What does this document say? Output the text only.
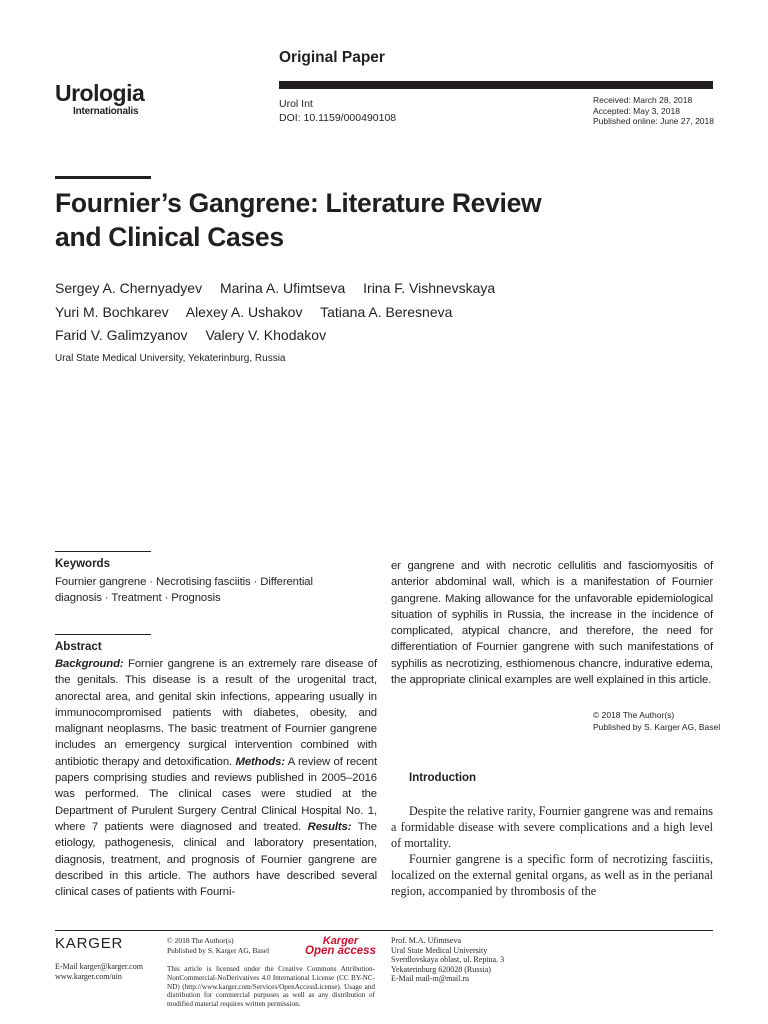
Original Paper
Urologia
Internationalis
Urol Int
DOI: 10.1159/000490108
Received: March 28, 2018
Accepted: May 3, 2018
Published online: June 27, 2018
Fournier’s Gangrene: Literature Review
and Clinical Cases
Sergey A. Chernyadyev Marina A. Ufimtseva Irina F. Vishnevskaya
Yuri M. Bochkarev Alexey A. Ushakov Tatiana A. Beresneva
Farid V. Galimzyanov Valery V. Khodakov
Ural State Medical University, Yekaterinburg, Russia
Keywords
Fournier gangrene · Necrotising fasciitis · Differential
diagnosis · Treatment · Prognosis
Abstract
Background: Fornier gangrene is an extremely rare disease of the genitals. This disease is a result of the urogenital tract, anorectal area, and genital skin infections, appearing usually in immunocompromised patients with diabetes, obesity, and malignant neoplasms. The basic treatment of Fournier gangrene includes an emergency surgical intervention combined with antibiotic therapy and detoxification. Methods: A review of recent papers comprising studies and reviews published in 2005–2016 was performed. The clinical cases were studied at the Department of Purulent Surgery Central Clinical Hospital No. 1, where 7 patients were diagnosed and treated. Results: The etiology, pathogenesis, clinical and laboratory presentation, diagnosis, treatment, and prognosis of Fournier gangrene are described in this article. The authors have described several clinical cases of patients with Fourni-
er gangrene and with necrotic cellulitis and fasciomyositis of anterior abdominal wall, which is a manifestation of Fournier gangrene. Making allowance for the unfavorable epidemiological situation of syphilis in Russia, the increase in the incidence of complicated, atypical chancre, and therefore, the need for differentiation of Fournier gangrene with such manifestations of syphilis as necrotizing, esthiomenous chancre, indurative edema, the appropriate clinical examples are well explained in this article.
© 2018 The Author(s)
Published by S. Karger AG, Basel
Introduction

Despite the relative rarity, Fournier gangrene was and remains a formidable disease with severe complications and a high level of mortality.

Fournier gangrene is a specific form of necrotizing fasciitis, localized on the external genital organs, as well as in the perianal region, accompanied by thrombosis of the

KARGER
E-Mail karger@karger.com
www.karger.com/uin
© 2018 The Author(s)
Published by S. Karger AG, Basel
Karger
Open access
This article is licensed under the Creative Commons Attribution-NonCommercial-NoDerivatives 4.0 International License (CC BY-NC-ND) (http://www.karger.com/Services/OpenAccessLicense). Usage and distribution for commercial purposes as well as any distribution of modified material requires written permission.
Prof. M.A. Ufimtseva
Ural State Medical University
Sverdlovskaya oblast, ul. Repina. 3
Yekaterinburg 620028 (Russia)
E-Mail mail-m@mail.ru
